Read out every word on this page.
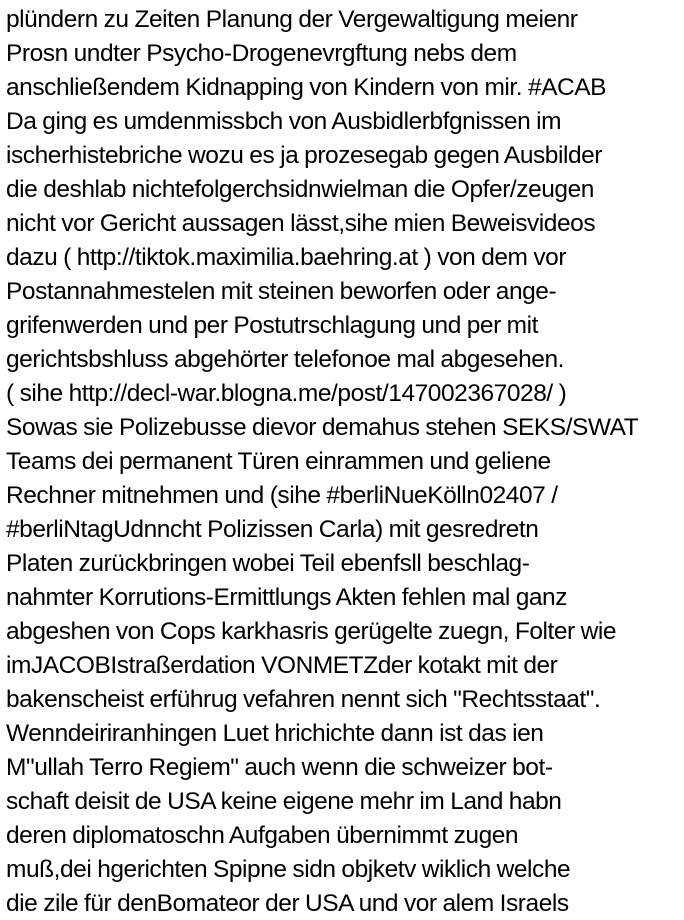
plündern zu Zeiten Planung der Vergewaltigung meienr
Prosn undter Psycho-Drogenevrgftung nebs dem
anschließendem Kidnapping von Kindern von mir. #ACAB
Da ging es umdenmissbch von Ausbidlerbfgnissen im
ischerhistebriche wozu es ja prozesegab gegen Ausbilder
die deshlab nichtefolgerchsidnwielman die Opfer/zeugen
nicht vor Gericht aussagen lässt,sihe mien Beweisvideos
dazu ( http://tiktok.maximilia.baehring.at ) von dem vor
Postannahmestelen mit steinen beworfen oder ange-
grifenwerden und per Postutrschlagung und per mit
gerichtsbshluss abgehörter telefonoe mal abgesehen.
( sihe http://decl-war.blogna.me/post/147002367028/ )
Sowas sie Polizebusse dievor demahus stehen SEKS/SWAT
Teams dei permanent Türen einrammen und geliene
Rechner mitnehmen und (sihe #berliNueKölln02407 /
#berliNtagUdnncht Polizissen Carla) mit gesredretn
Platen zurückbringen wobei Teil ebenfsll beschlag-
nahmter Korrutions-Ermittlungs Akten fehlen mal ganz
abgeshen von Cops karkhasris gerügelte zuegn, Folter wie
imJACOBIstraßerdation VONMETZder kotakt mit der
bakenscheist erführug vefahren nennt sich "Rechtsstaat".
Wenndeiriranhingen Luet hrichichte dann ist das ien
M"ullah Terro Regiem" auch wenn die schweizer bot-
schaft deisit de USA keine eigene mehr im Land habn
deren diplomatoschn Aufgaben übernimmt zugen
muß,dei hgerichten Spipne sidn objketv wiklich welche
die zile für denBomateor der USA und vor alem Israels
